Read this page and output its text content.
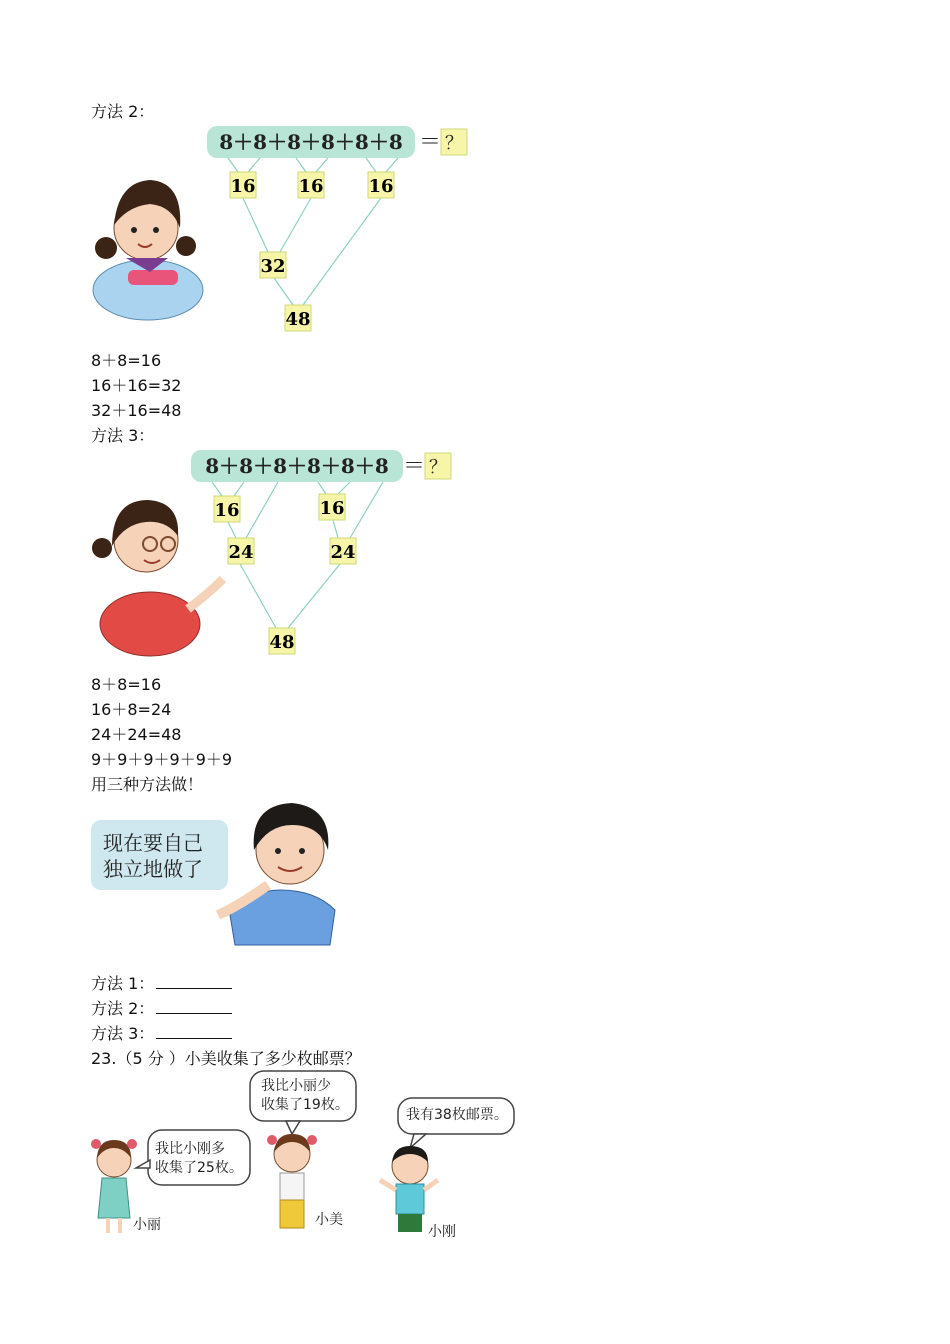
方法 2：
8＋8＋8＋8＋8＋8 ＝ ？
16 16 16
32
48
8＋8=16
16＋16=32
32＋16=48
方法 3：
8＋8＋8＋8＋8＋8 ＝ ？
16	16
24	24
48
8＋8=16
16＋8=24
24＋24=48
9＋9＋9＋9＋9＋9
用三种方法做！
现在要自己
独立地做了
方法 1：
方法 2：
方法 3：
23.（5 分 ）小美收集了多少枚邮票？
我比小刚多
收集了25枚。
我比小丽少
收集了19枚。
我有38枚邮票。
小丽	小美
小刚
